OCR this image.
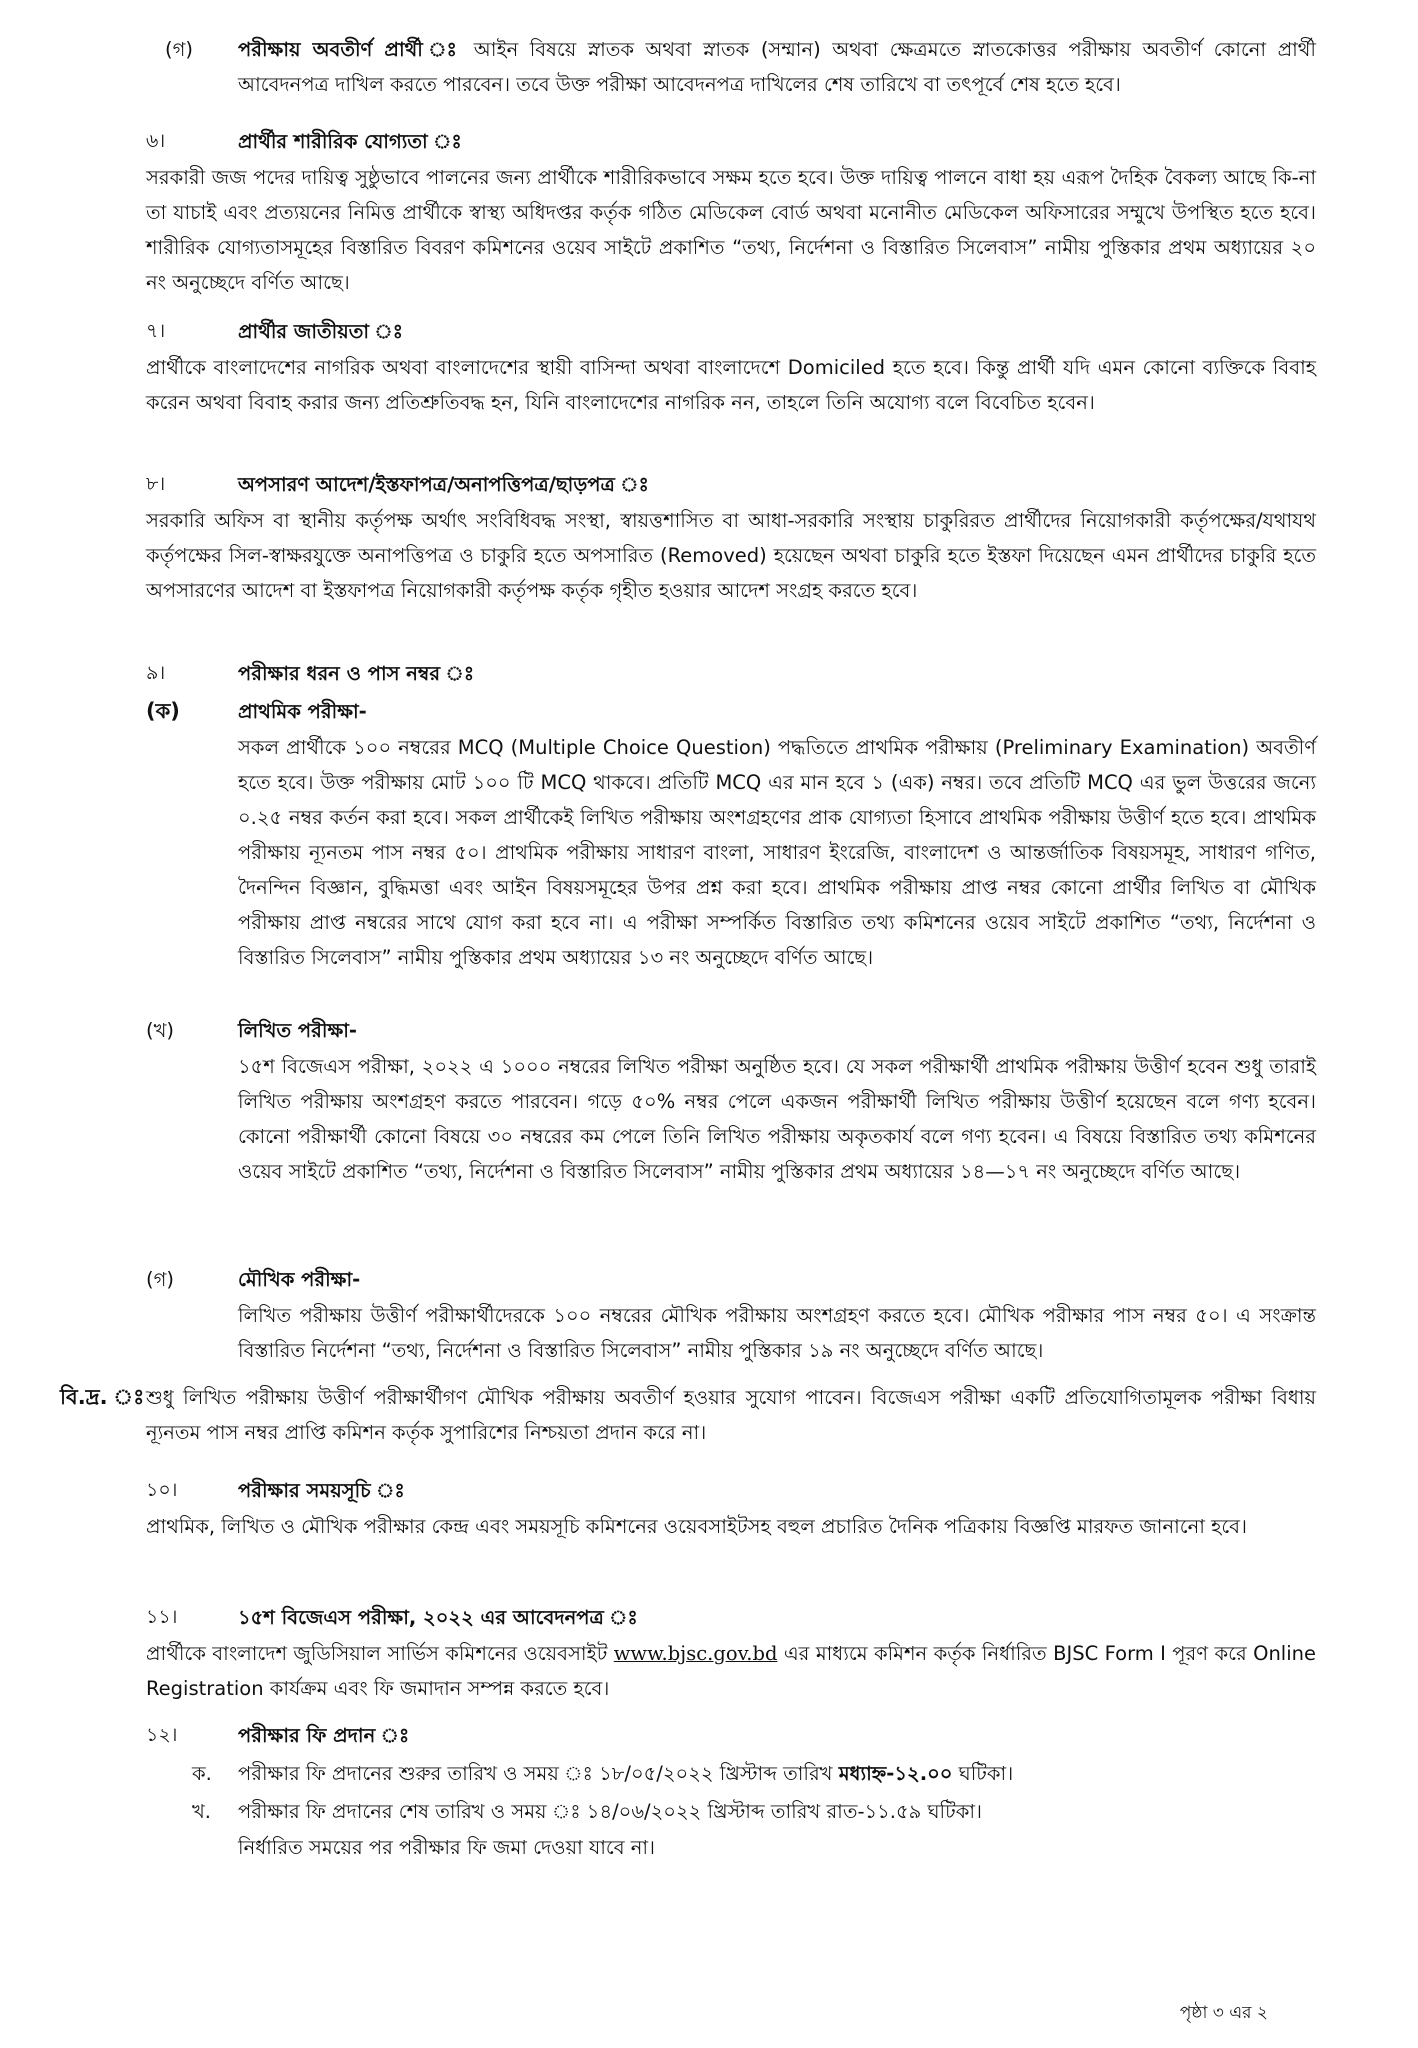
(গ) পরীক্ষায় অবতীর্ণ প্রার্থী ঃ আইন বিষয়ে স্নাতক অথবা স্নাতক (সম্মান) অথবা ক্ষেত্রমতে স্নাতকোত্তর পরীক্ষায় অবতীর্ণ কোনো প্রার্থী আবেদনপত্র দাখিল করতে পারবেন। তবে উক্ত পরীক্ষা আবেদনপত্র দাখিলের শেষ তারিখে বা তৎপূর্বে শেষ হতে হবে।
৬।	প্রার্থীর শারীরিক যোগ্যতা ঃ
সরকারী জজ পদের দায়িত্ব সুষ্ঠুভাবে পালনের জন্য প্রার্থীকে শারীরিকভাবে সক্ষম হতে হবে। উক্ত দায়িত্ব পালনে বাধা হয় এরূপ দৈহিক বৈকল্য আছে কি-না তা যাচাই এবং প্রত্যয়নের নিমিত্ত প্রার্থীকে স্বাস্থ্য অধিদপ্তর কর্তৃক গঠিত মেডিকেল বোর্ড অথবা মনোনীত মেডিকেল অফিসারের সম্মুখে উপস্থিত হতে হবে। শারীরিক যোগ্যতাসমূহের বিস্তারিত বিবরণ কমিশনের ওয়েব সাইটে প্রকাশিত “তথ্য, নির্দেশনা ও বিস্তারিত সিলেবাস” নামীয় পুস্তিকার প্রথম অধ্যায়ের ২০ নং অনুচ্ছেদে বর্ণিত আছে।
৭।	প্রার্থীর জাতীয়তা ঃ
প্রার্থীকে বাংলাদেশের নাগরিক অথবা বাংলাদেশের স্থায়ী বাসিন্দা অথবা বাংলাদেশে Domiciled হতে হবে। কিন্তু প্রার্থী যদি এমন কোনো ব্যক্তিকে বিবাহ করেন অথবা বিবাহ করার জন্য প্রতিশ্রুতিবদ্ধ হন, যিনি বাংলাদেশের নাগরিক নন, তাহলে তিনি অযোগ্য বলে বিবেচিত হবেন।
৮।	অপসারণ আদেশ/ইস্তফাপত্র/অনাপত্তিপত্র/ছাড়পত্র ঃ
সরকারি অফিস বা স্থানীয় কর্তৃপক্ষ অর্থাৎ সংবিধিবদ্ধ সংস্থা, স্বায়ত্তশাসিত বা আধা-সরকারি সংস্থায় চাকুরিরত প্রার্থীদের নিয়োগকারী কর্তৃপক্ষের/যথাযথ কর্তৃপক্ষের সিল-স্বাক্ষরযুক্তে অনাপত্তিপত্র ও চাকুরি হতে অপসারিত (Removed) হয়েছেন অথবা চাকুরি হতে ইস্তফা দিয়েছেন এমন প্রার্থীদের চাকুরি হতে অপসারণের আদেশ বা ইস্তফাপত্র নিয়োগকারী কর্তৃপক্ষ কর্তৃক গৃহীত হওয়ার আদেশ সংগ্রহ করতে হবে।
৯।	পরীক্ষার ধরন ও পাস নম্বর ঃ
(ক)	প্রাথমিক পরীক্ষা-
সকল প্রার্থীকে ১০০ নম্বরের MCQ (Multiple Choice Question) পদ্ধতিতে প্রাথমিক পরীক্ষায় (Preliminary Examination) অবতীর্ণ হতে হবে। উক্ত পরীক্ষায় মোট ১০০ টি MCQ থাকবে। প্রতিটি MCQ এর মান হবে ১ (এক) নম্বর। তবে প্রতিটি MCQ এর ভুল উত্তরের জন্যে ০.২৫ নম্বর কর্তন করা হবে। সকল প্রার্থীকেই লিখিত পরীক্ষায় অংশগ্রহণের প্রাক যোগ্যতা হিসাবে প্রাথমিক পরীক্ষায় উত্তীর্ণ হতে হবে। প্রাথমিক পরীক্ষায় ন্যূনতম পাস নম্বর ৫০। প্রাথমিক পরীক্ষায় সাধারণ বাংলা, সাধারণ ইংরেজি, বাংলাদেশ ও আন্তর্জাতিক বিষয়সমূহ, সাধারণ গণিত, দৈনন্দিন বিজ্ঞান, বুদ্ধিমত্তা এবং আইন বিষয়সমূহের উপর প্রশ্ন করা হবে। প্রাথমিক পরীক্ষায় প্রাপ্ত নম্বর কোনো প্রার্থীর লিখিত বা মৌখিক পরীক্ষায় প্রাপ্ত নম্বরের সাথে যোগ করা হবে না। এ পরীক্ষা সম্পর্কিত বিস্তারিত তথ্য কমিশনের ওয়েব সাইটে প্রকাশিত “তথ্য, নির্দেশনা ও বিস্তারিত সিলেবাস” নামীয় পুস্তিকার প্রথম অধ্যায়ের ১৩ নং অনুচ্ছেদে বর্ণিত আছে।
(খ)	লিখিত পরীক্ষা-
১৫শ বিজেএস পরীক্ষা, ২০২২ এ ১০০০ নম্বরের লিখিত পরীক্ষা অনুষ্ঠিত হবে। যে সকল পরীক্ষার্থী প্রাথমিক পরীক্ষায় উত্তীর্ণ হবেন শুধু তারাই লিখিত পরীক্ষায় অংশগ্রহণ করতে পারবেন। গড়ে ৫০% নম্বর পেলে একজন পরীক্ষার্থী লিখিত পরীক্ষায় উত্তীর্ণ হয়েছেন বলে গণ্য হবেন। কোনো পরীক্ষার্থী কোনো বিষয়ে ৩০ নম্বরের কম পেলে তিনি লিখিত পরীক্ষায় অকৃতকার্য বলে গণ্য হবেন। এ বিষয়ে বিস্তারিত তথ্য কমিশনের ওয়েব সাইটে প্রকাশিত “তথ্য, নির্দেশনা ও বিস্তারিত সিলেবাস” নামীয় পুস্তিকার প্রথম অধ্যায়ের ১৪—১৭ নং অনুচ্ছেদে বর্ণিত আছে।
(গ)	মৌখিক পরীক্ষা-
লিখিত পরীক্ষায় উত্তীর্ণ পরীক্ষার্থীদেরকে ১০০ নম্বরের মৌখিক পরীক্ষায় অংশগ্রহণ করতে হবে। মৌখিক পরীক্ষার পাস নম্বর ৫০। এ সংক্রান্ত বিস্তারিত নির্দেশনা “তথ্য, নির্দেশনা ও বিস্তারিত সিলেবাস” নামীয় পুস্তিকার ১৯ নং অনুচ্ছেদে বর্ণিত আছে।
বি.দ্র. ঃ শুধু লিখিত পরীক্ষায় উত্তীর্ণ পরীক্ষার্থীগণ মৌখিক পরীক্ষায় অবতীর্ণ হওয়ার সুযোগ পাবেন। বিজেএস পরীক্ষা একটি প্রতিযোগিতামূলক পরীক্ষা বিধায় ন্যূনতম পাস নম্বর প্রাপ্তি কমিশন কর্তৃক সুপারিশের নিশ্চয়তা প্রদান করে না।
১০।	পরীক্ষার সময়সূচি ঃ
প্রাথমিক, লিখিত ও মৌখিক পরীক্ষার কেন্দ্র এবং সময়সূচি কমিশনের ওয়েবসাইটসহ বহুল প্রচারিত দৈনিক পত্রিকায় বিজ্ঞপ্তি মারফত জানানো হবে।
১১।	১৫শ বিজেএস পরীক্ষা, ২০২২ এর আবেদনপত্র ঃ
প্রার্থীকে বাংলাদেশ জুডিসিয়াল সার্ভিস কমিশনের ওয়েবসাইট www.bjsc.gov.bd এর মাধ্যমে কমিশন কর্তৃক নির্ধারিত BJSC Form I পূরণ করে Online Registration কার্যক্রম এবং ফি জমাদান সম্পন্ন করতে হবে।
১২।	পরীক্ষার ফি প্রদান ঃ
ক. পরীক্ষার ফি প্রদানের শুরুর তারিখ ও সময় ঃ ১৮/০৫/২০২২ খ্রিস্টাব্দ তারিখ মধ্যাহ্ন-১২.০০ ঘটিকা।
খ. পরীক্ষার ফি প্রদানের শেষ তারিখ ও সময় ঃ ১৪/০৬/২০২২ খ্রিস্টাব্দ তারিখ রাত-১১.৫৯ ঘটিকা।
নির্ধারিত সময়ের পর পরীক্ষার ফি জমা দেওয়া যাবে না।
পৃষ্ঠা ৩ এর ২
